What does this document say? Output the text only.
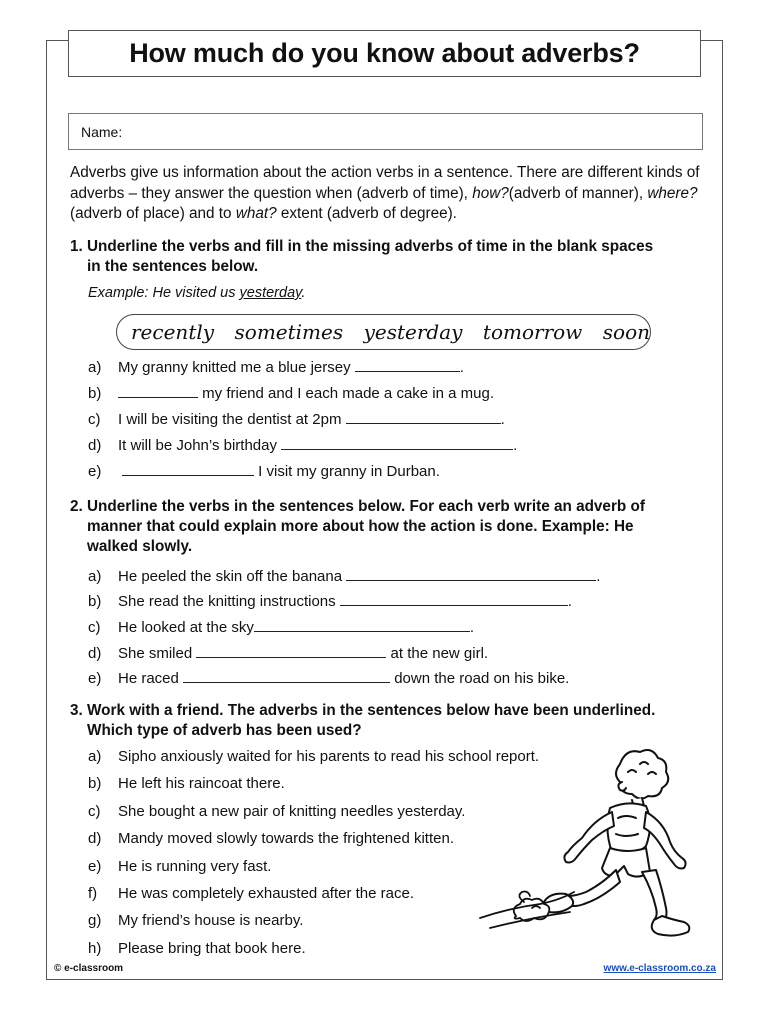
How much do you know about adverbs?
Name:
Adverbs give us information about the action verbs in a sentence. There are different kinds of adverbs – they answer the question when (adverb of time), how?(adverb of manner), where? (adverb of place) and to what? extent (adverb of degree).
1. Underline the verbs and fill in the missing adverbs of time in the blank spaces
in the sentences below.
Example: He visited us yesterday.
recently sometimes yesterday tomorrow soon
a) My granny knitted me a blue jersey	.
b)	my friend and I each made a cake in a mug.
c) I will be visiting the dentist at 2pm	.
d) It will be John’s birthday	.
e)	I visit my granny in Durban.
2. Underline the verbs in the sentences below. For each verb write an adverb of
manner that could explain more about how the action is done. Example: He
walked slowly.
a) He peeled the skin off the banana	.
b) She read the knitting instructions	.
c) He looked at the sky	.
d) She smiled	at the new girl.
e) He raced	down the road on his bike.
3. Work with a friend. The adverbs in the sentences below have been underlined.
Which type of adverb has been used?
a) Sipho anxiously waited for his parents to read his school report.
b) He left his raincoat there.
c) She bought a new pair of knitting needles yesterday.
d) Mandy moved slowly towards the frightened kitten.
e) He is running very fast.
f) He was completely exhausted after the race.
g) My friend’s house is nearby.
h) Please bring that book here.
© e-classroom	www.e-classroom.co.za
